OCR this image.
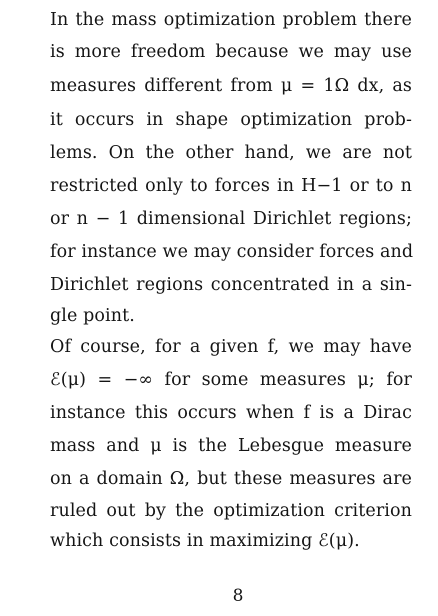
In the mass optimization problem there
is more freedom because we may use
measures different from μ = 1Ω dx, as
it occurs in shape optimization prob-
lems. On the other hand, we are not
restricted only to forces in H−1 or to n
or n − 1 dimensional Dirichlet regions;
for instance we may consider forces and
Dirichlet regions concentrated in a sin-
gle point.
Of course, for a given f, we may have
ℰ(μ) = −∞ for some measures μ; for
instance this occurs when f is a Dirac
mass and μ is the Lebesgue measure
on a domain Ω, but these measures are
ruled out by the optimization criterion
which consists in maximizing ℰ(μ).
8
